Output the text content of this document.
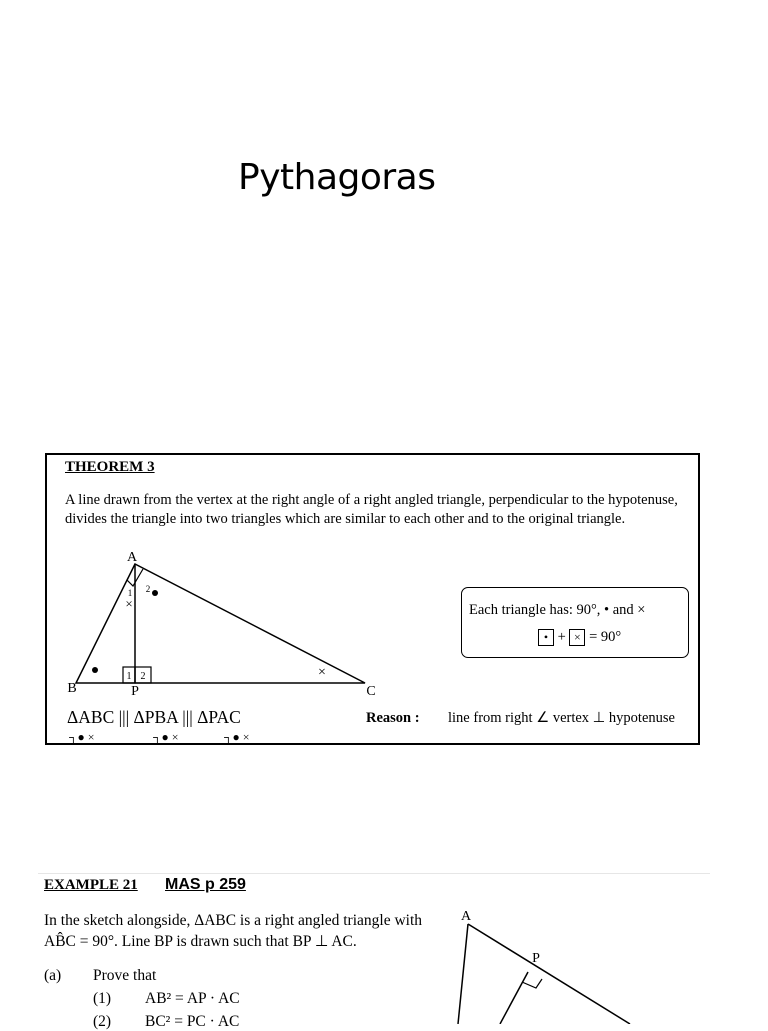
Pythagoras
THEOREM 3
A line drawn from the vertex at the right angle of a right angled triangle, perpendicular to the hypotenuse, divides the triangle into two triangles which are similar to each other and to the original triangle.
×
×
A
B	C
P
1 2
1 2
┐● ×	┐● ×	┐● ×
Each triangle has: 90°, • and ×
• + × = 90°
ΔABC ||| ΔPBA ||| ΔPAC	Reason : line from right ∠ vertex ⊥ hypotenuse
EXAMPLE 21 MAS p 259
In the sketch alongside, ΔABC is a right angled triangle with AB̂C = 90°. Line BP is drawn such that BP ⊥ AC.
(a) Prove that
(1) AB² = AP · AC
(2) BC² = PC · AC
A
P
